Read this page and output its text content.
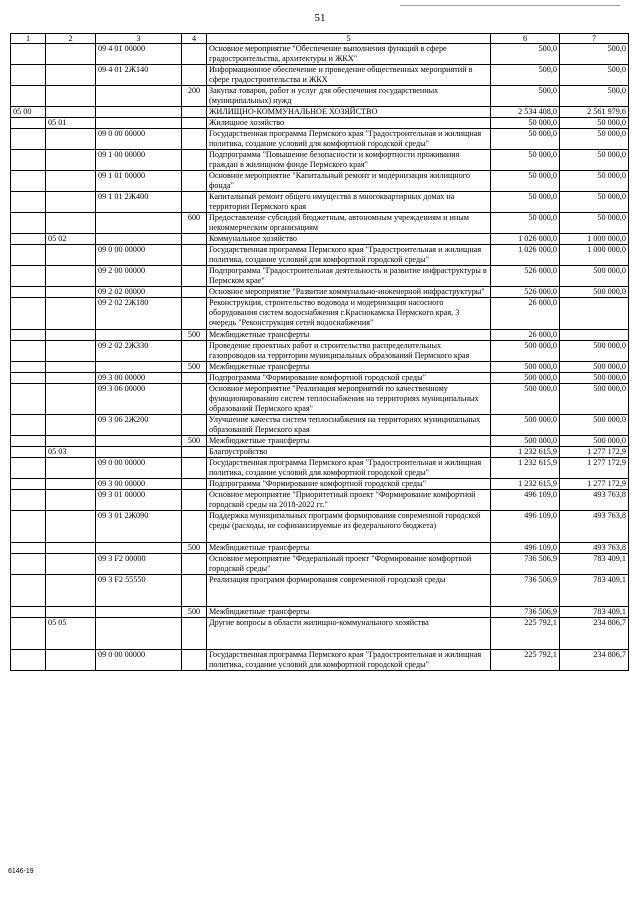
51
1	2	3	4	5	6	7
		09 4 01 00000		Основное мероприятие "Обеспечение выполнения функций в сфере градостроительства, архитектуры и ЖКХ"	500,0	500,0
		09 4 01 2Ж140		Информационное обеспечение и проведение общественных мероприятий в сфере градостроительства и ЖКХ	500,0	500,0
			200	Закупка товаров, работ и услуг для обеспечения государственных (муниципальных) нужд	500,0	500,0
05 00				ЖИЛИЩНО-КОММУНАЛЬНОЕ ХОЗЯЙСТВО	2 534 408,0	2 561 979,6
	05 01			Жилищное хозяйство	50 000,0	50 000,0
		09 0 00 00000		Государственная программа Пермского края "Градостроительная и жилищная политика, создание условий для комфортной городской среды"	50 000,0	50 000,0
		09 1 00 00000		Подпрограмма "Повышение безопасности и комфортности проживания граждан в жилищном фонде Пермского края"	50 000,0	50 000,0
		09 1 01 00000		Основное мероприятие "Капитальный ремонт и модернизация жилищного фонда"	50 000,0	50 000,0
		09 1 01 2Ж400		Капитальный ремонт общего имущества в многоквартирных домах на территории Пермского края	50 000,0	50 000,0
			600	Предоставление субсидий бюджетным, автономным учреждениям и иным некоммерческим организациям	50 000,0	50 000,0
	05 02			Коммунальное хозяйство	1 026 000,0	1 000 000,0
		09 0 00 00000		Государственная программа Пермского края "Градостроительная и жилищная политика, создание условий для комфортной городской среды"	1 026 000,0	1 000 000,0
		09 2 00 00000		Подпрограмма "Градостроительная деятельность и развитие инфраструктуры в Пермском крае"	526 000,0	500 000,0
		09 2 02 00000		Основное мероприятие "Развитие коммунально-инженерной инфраструктуры"	526 000,0	500 000,0
		09 2 02 2Ж180		Реконструкция, строительство водовода и модернизация насосного оборудования систем водоснабжения г.Краснокамска Пермского края, 3 очередь "Реконструкция сетей водоснабжения"	26 000,0	
			500	Межбюджетные трансферты	26 000,0	
		09 2 02 2Ж330		Проведение проектных работ и строительство распределительных газопроводов на территории муниципальных образований Пермского края	500 000,0	500 000,0
			500	Межбюджетные трансферты	500 000,0	500 000,0
		09 3 00 00000		Подпрограмма "Формирование комфортной городской среды"	500 000,0	500 000,0
		09 3 06 00000		Основное мероприятие "Реализация мероприятий по качественному функционированию систем теплоснабжения на территориях муниципальных образований Пермского края"	500 000,0	500 000,0
		09 3 06 2Ж200		Улучшение качества систем теплоснабжения на территориях муниципальных образований Пермского края	500 000,0	500 000,0
			500	Межбюджетные трансферты	500 000,0	500 000,0
	05 03			Благоустройство	1 232 615,9	1 277 172,9
		09 0 00 00000		Государственная программа Пермского края "Градостроительная и жилищная политика, создание условий для комфортной городской среды"	1 232 615,9	1 277 172,9
		09 3 00 00000		Подпрограмма "Формирование комфортной городской среды"	1 232 615,9	1 277 172,9
		09 3 01 00000		Основное мероприятие "Приоритетный проект "Формирование комфортной городской среды на 2018-2022 гг."	496 109,0	493 763,8
		09 3 01 2Ж090		Поддержка муниципальных программ формирования современной городской среды (расходы, не софинансируемые из федерального бюджета)	496 109,0	493 763,8
			500	Межбюджетные трансферты	496 109,0	493 763,8
		09 3 F2 00000		Основное мероприятие "Федеральный проект "Формирование комфортной городской среды"	736 506,9	783 409,1
		09 3 F2 55550		Реализация программ формирования современной городской среды	736 506,9	783 409,1
			500	Межбюджетные трансферты	736 506,9	783 409,1
	05 05			Другие вопросы в области жилищно-коммунального хозяйства	225 792,1	234 806,7
		09 0 00 00000		Государственная программа Пермского края "Градостроительная и жилищная политика, создание условий для комфортной городской среды"	225 792,1	234 806,7
6146-19
